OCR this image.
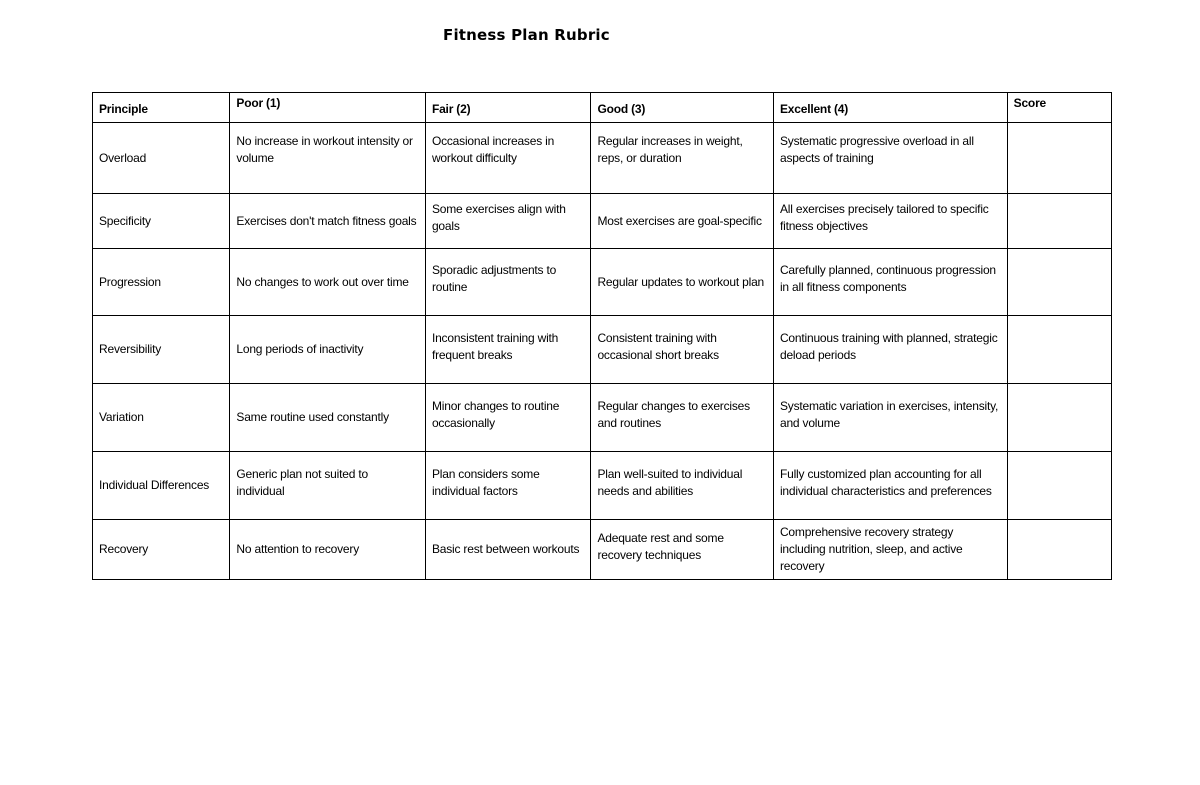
Fitness Plan Rubric
Principle	Poor (1)	Fair (2)	Good (3)	Excellent (4)	Score

Overload	No increase in workout intensity or volume	Occasional increases in workout difficulty	Regular increases in weight, reps, or duration	Systematic progressive overload in all aspects of training	

Specificity	Exercises don't match fitness goals	Some exercises align with goals	Most exercises are goal-specific	All exercises precisely tailored to specific fitness objectives	

Progression	No changes to work out over time	Sporadic adjustments to routine	Regular updates to workout plan	Carefully planned, continuous progression in all fitness components	

Reversibility	Long periods of inactivity	Inconsistent training with frequent breaks	Consistent training with occasional short breaks	Continuous training with planned, strategic deload periods	

Variation	Same routine used constantly	Minor changes to routine occasionally	Regular changes to exercises and routines	Systematic variation in exercises, intensity, and volume	

Individual Differences	Generic plan not suited to individual	Plan considers some individual factors	Plan well-suited to individual needs and abilities	Fully customized plan accounting for all individual characteristics and preferences	

Recovery	No attention to recovery	Basic rest between workouts	Adequate rest and some recovery techniques	Comprehensive recovery strategy including nutrition, sleep, and active recovery	
